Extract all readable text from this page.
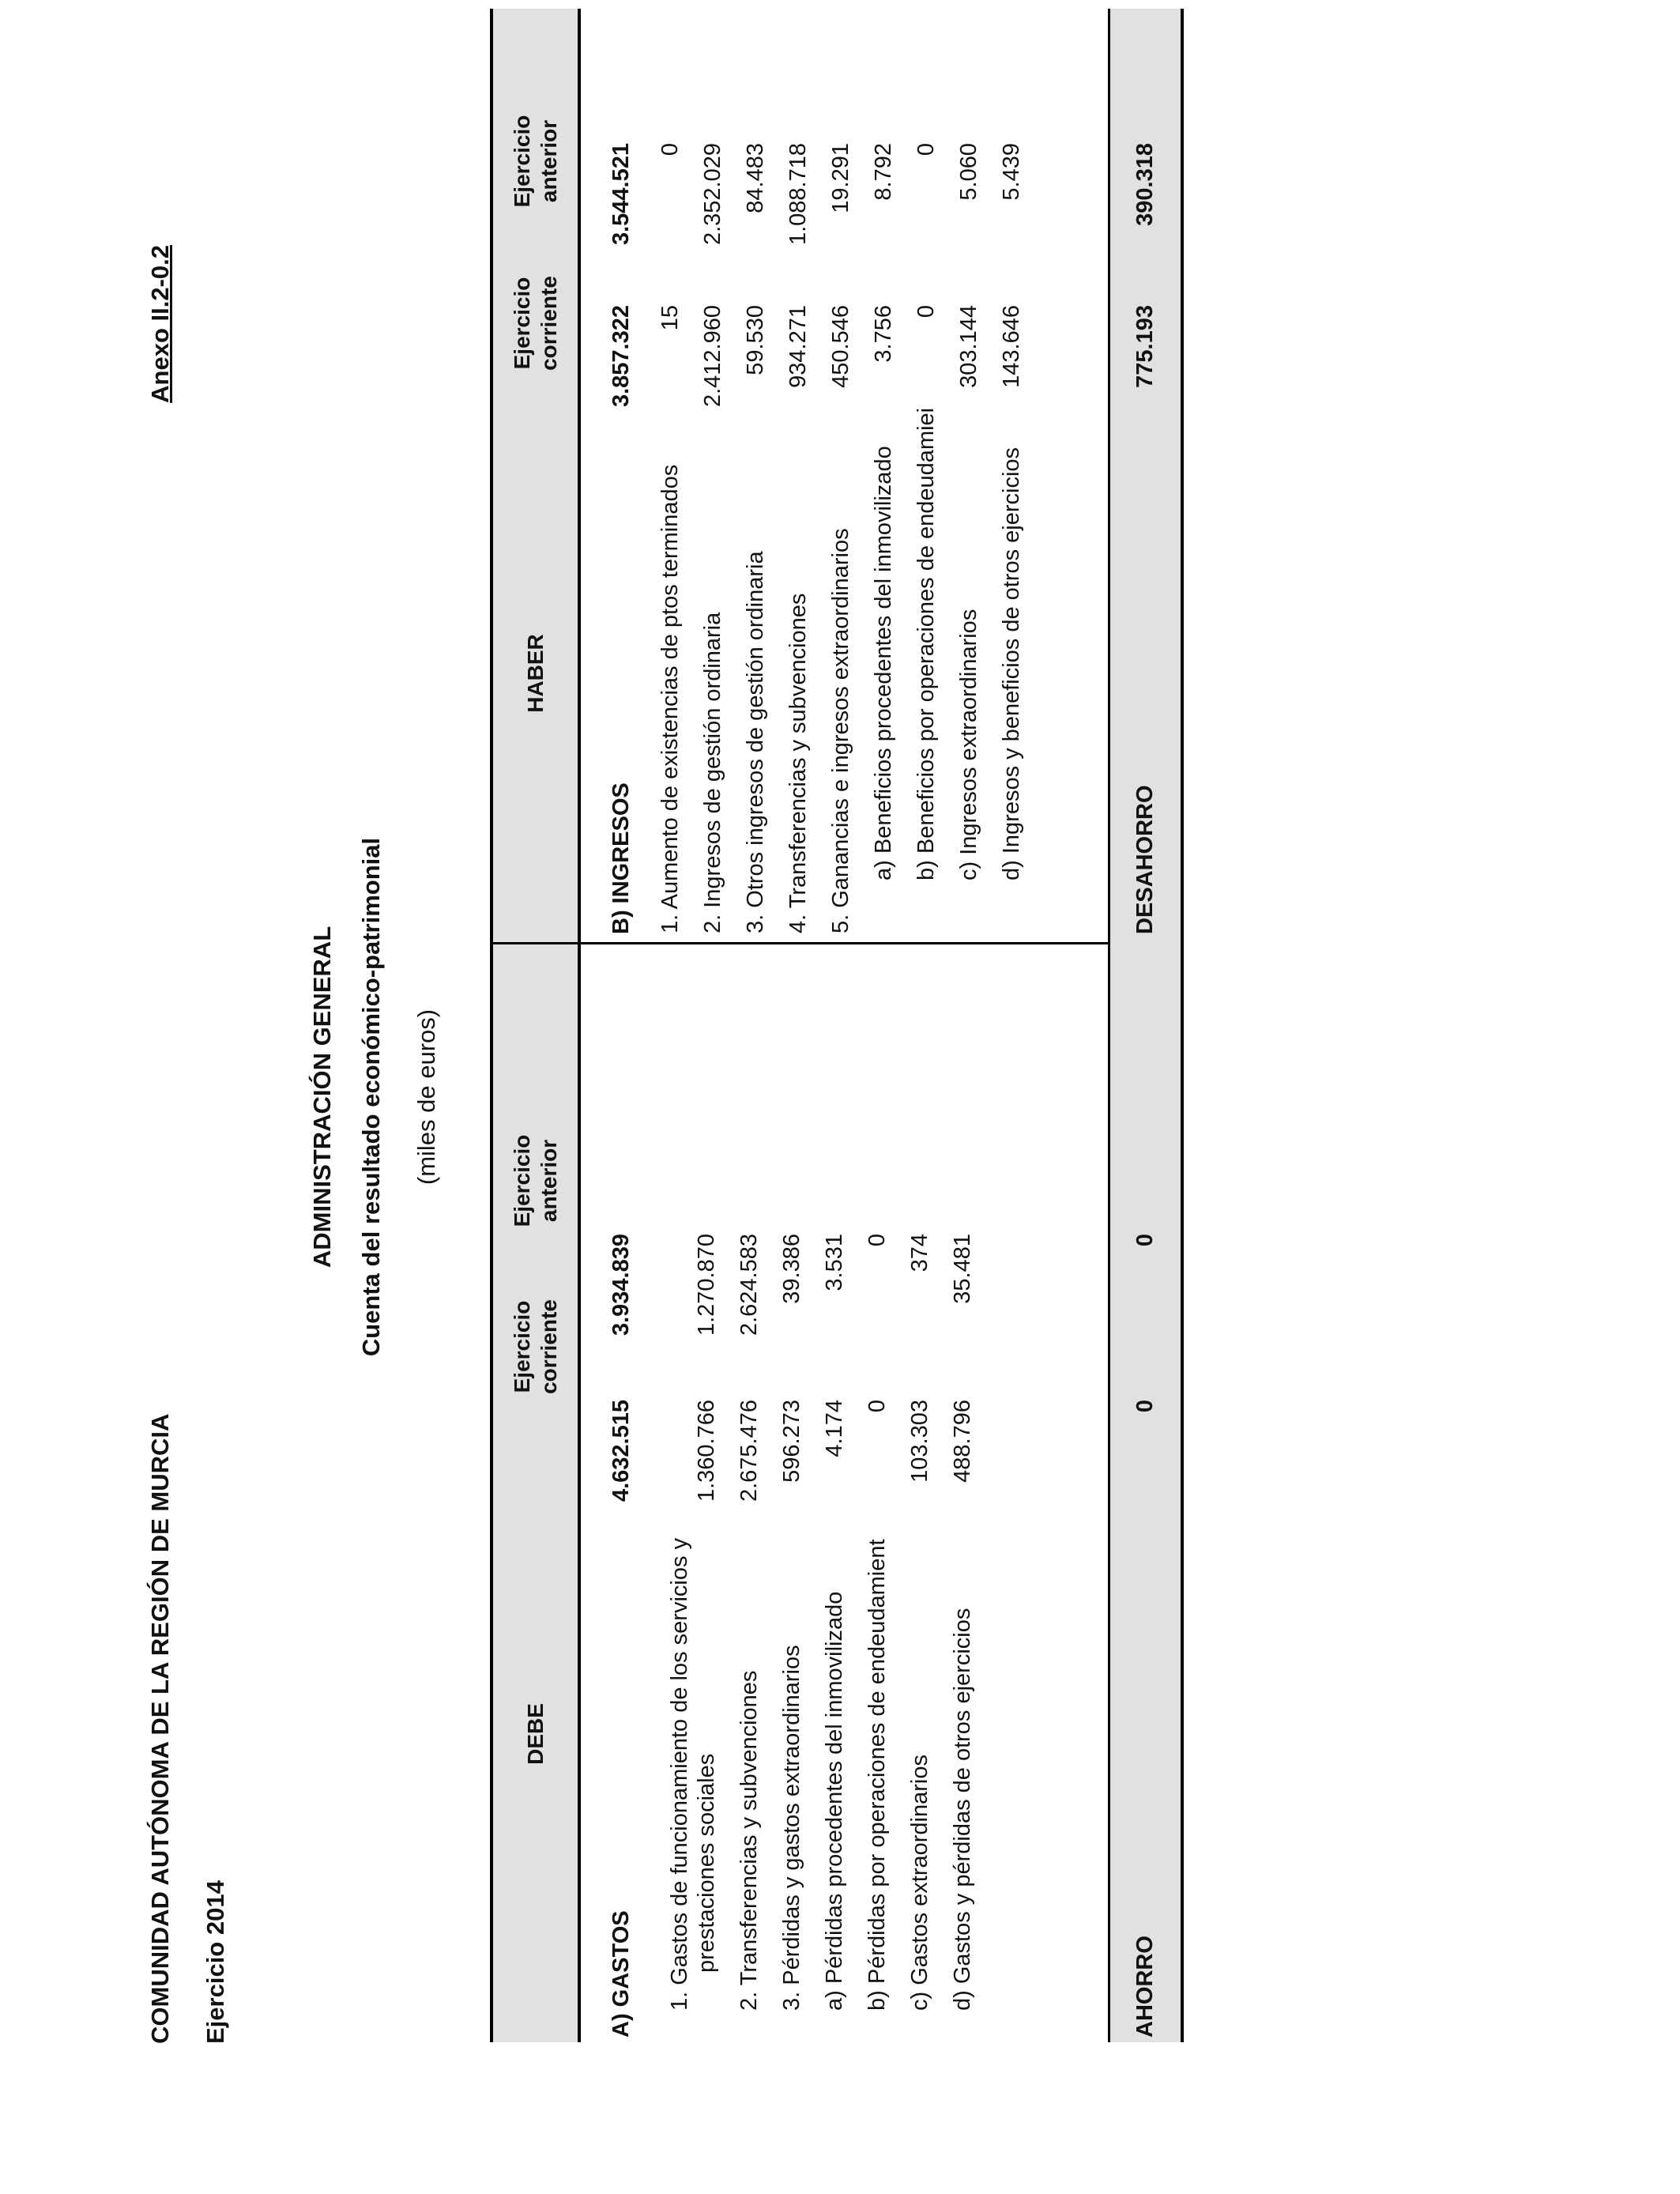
COMUNIDAD AUTÓNOMA DE LA REGIÓN DE MURCIA Ejercicio 2014
Anexo II.2-0.2
ADMINISTRACIÓN GENERAL Cuenta del resultado económico-patrimonial (miles de euros)
DEBE
Ejercicio corriente
Ejercicio anterior
HABER
Ejercicio corriente
Ejercicio anterior
A) GASTOS
4.632.515
3.934.839
1. Gastos de funcionamiento de los servicios y prestaciones sociales
1.360.766
1.270.870
2. Transferencias y subvenciones
2.675.476
2.624.583
3. Pérdidas y gastos extraordinarios
596.273
39.386
a) Pérdidas procedentes del inmovilizado
4.174
3.531
b) Pérdidas por operaciones de endeudamient
0
0
c) Gastos extraordinarios
103.303
374
d) Gastos y pérdidas de otros ejercicios
488.796
35.481
B) INGRESOS
3.857.322
3.544.521
1. Aumento de existencias de ptos terminados
15
0
2. Ingresos de gestión ordinaria
2.412.960
2.352.029
3. Otros ingresos de gestión ordinaria
59.530
84.483
4. Transferencias y subvenciones
934.271
1.088.718
5. Ganancias e ingresos extraordinarios
450.546
19.291
a) Beneficios procedentes del inmovilizado
3.756
8.792
b) Beneficios por operaciones de endeudamiei
0
0
c) Ingresos extraordinarios
303.144
5.060
d) Ingresos y beneficios de otros ejercicios
143.646
5.439
AHORRO
0
0
DESAHORRO
775.193
390.318
